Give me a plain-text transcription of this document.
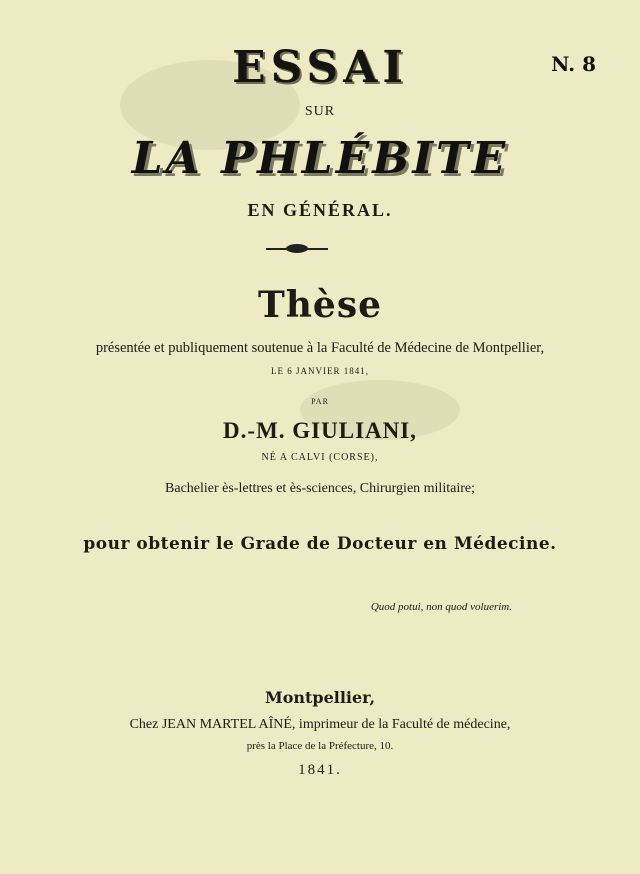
ESSAI	N. 8
SUR
LA PHLÉBITE
EN GÉNÉRAL.
Thèse
présentée et publiquement soutenue à la Faculté de Médecine de Montpellier,
LE 6 JANVIER 1841,
PAR
D.-M. GIULIANI,
NÉ A CALVI (CORSE),
Bachelier ès-lettres et ès-sciences, Chirurgien militaire;
pour obtenir le Grade de Docteur en Médecine.
Quod potui, non quod voluerim.
Montpellier,
Chez JEAN MARTEL AÎNÉ, imprimeur de la Faculté de médecine,
près la Place de la Préfecture, 10.
1841.
